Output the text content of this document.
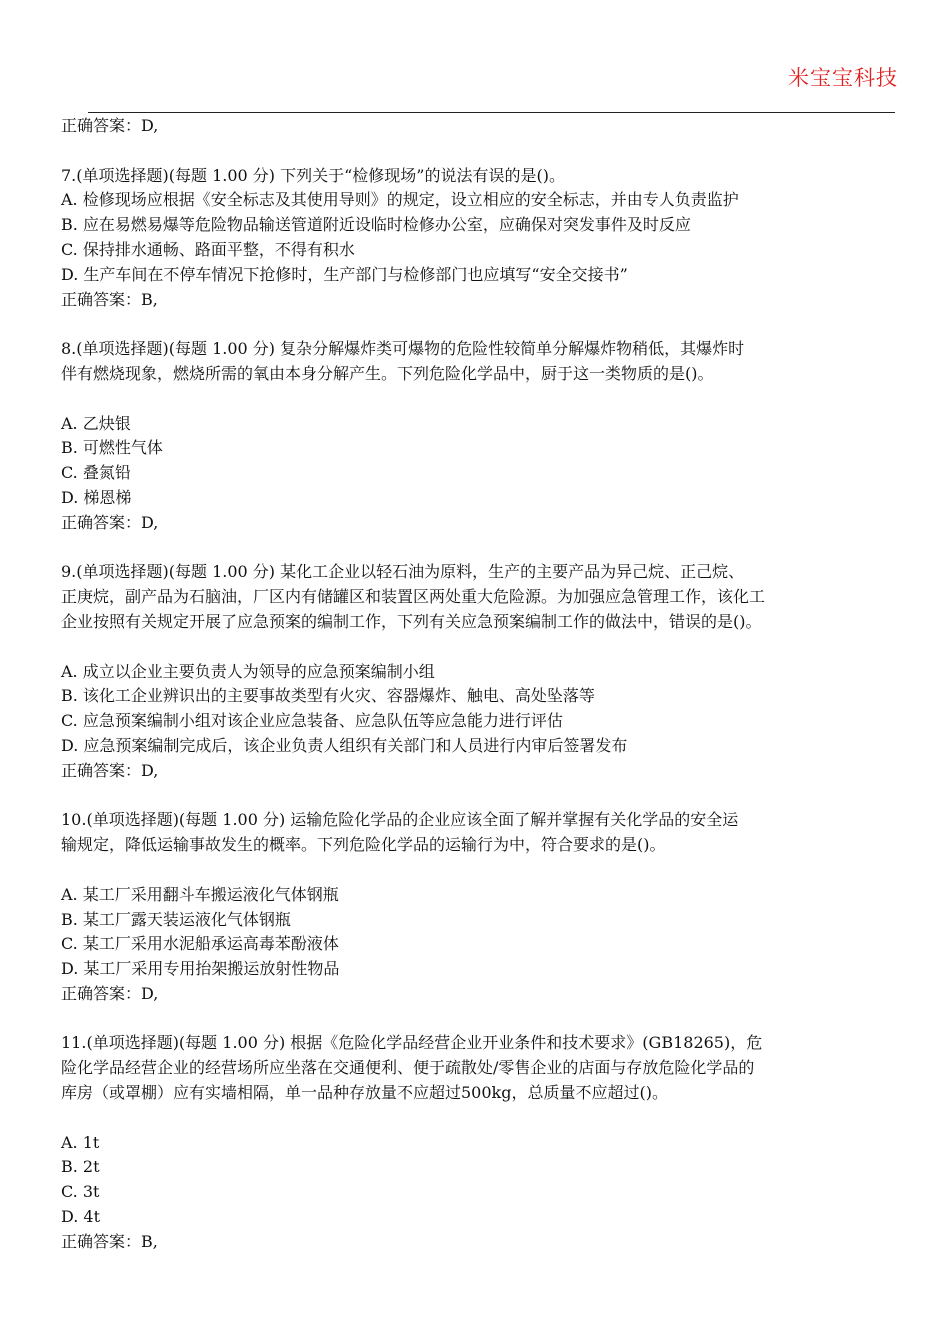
米宝宝科技
正确答案：D,
7.(单项选择题)(每题 1.00 分) 下列关于“检修现场”的说法有误的是()。
A. 检修现场应根据《安全标志及其使用导则》的规定，设立相应的安全标志，并由专人负责监护
B. 应在易燃易爆等危险物品输送管道附近设临时检修办公室，应确保对突发事件及时反应
C. 保持排水通畅、路面平整，不得有积水
D. 生产车间在不停车情况下抢修时，生产部门与检修部门也应填写“安全交接书”
正确答案：B,
8.(单项选择题)(每题 1.00 分) 复杂分解爆炸类可爆物的危险性较简单分解爆炸物稍低，其爆炸时
伴有燃烧现象，燃烧所需的氧由本身分解产生。下列危险化学品中，厨于这一类物质的是()。
A. 乙炔银
B. 可燃性气体
C. 叠氮铅
D. 梯恩梯
正确答案：D,
9.(单项选择题)(每题 1.00 分) 某化工企业以轻石油为原料，生产的主要产品为异己烷、正己烷、
正庚烷，副产品为石脑油，厂区内有储罐区和装置区两处重大危险源。为加强应急管理工作，该化工
企业按照有关规定开展了应急预案的编制工作，下列有关应急预案编制工作的做法中，错误的是()。
A. 成立以企业主要负责人为领导的应急预案编制小组
B. 该化工企业辨识出的主要事故类型有火灾、容器爆炸、触电、高处坠落等
C. 应急预案编制小组对该企业应急装备、应急队伍等应急能力进行评估
D. 应急预案编制完成后，该企业负责人组织有关部门和人员进行内审后签署发布
正确答案：D,
10.(单项选择题)(每题 1.00 分) 运输危险化学品的企业应该全面了解并掌握有关化学品的安全运
输规定，降低运输事故发生的概率。下列危险化学品的运输行为中，符合要求的是()。
A. 某工厂采用翻斗车搬运液化气体钢瓶
B. 某工厂露天装运液化气体钢瓶
C. 某工厂采用水泥船承运高毒苯酚液体
D. 某工厂采用专用抬架搬运放射性物品
正确答案：D,
11.(单项选择题)(每题 1.00 分) 根据《危险化学品经营企业开业条件和技术要求》(GB18265)，危
险化学品经营企业的经营场所应坐落在交通便利、便于疏散处/零售企业的店面与存放危险化学品的
库房（或罩棚）应有实墙相隔，单一品种存放量不应超过500kg，总质量不应超过()。
A. 1t
B. 2t
C. 3t
D. 4t
正确答案：B,
